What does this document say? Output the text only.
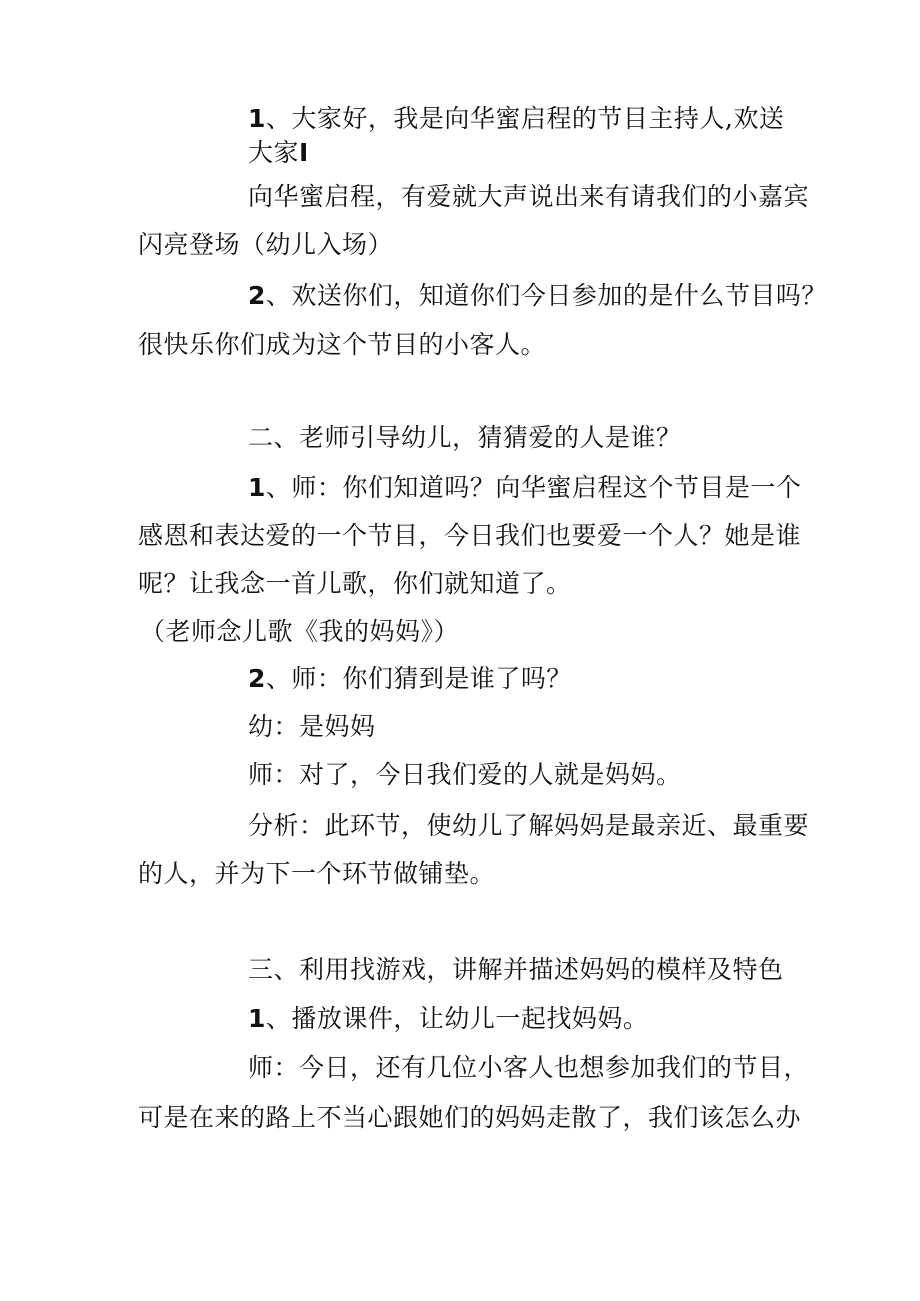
1、大家好，我是向华蜜启程的节目主持人,欢送
大家I
向华蜜启程，有爱就大声说出来有请我们的小嘉宾
闪亮登场（幼儿入场）
2、欢送你们，知道你们今日参加的是什么节目吗？
很快乐你们成为这个节目的小客人。
二、老师引导幼儿，猜猜爱的人是谁？
1、师：你们知道吗？向华蜜启程这个节目是一个
感恩和表达爱的一个节目，今日我们也要爱一个人？她是谁
呢？让我念一首儿歌，你们就知道了。
（老师念儿歌《我的妈妈》）
2、师：你们猜到是谁了吗？
幼：是妈妈
师：对了，今日我们爱的人就是妈妈。
分析：此环节，使幼儿了解妈妈是最亲近、最重要
的人，并为下一个环节做铺垫。
三、利用找游戏，讲解并描述妈妈的模样及特色
1、播放课件，让幼儿一起找妈妈。
师：今日，还有几位小客人也想参加我们的节目，
可是在来的路上不当心跟她们的妈妈走散了，我们该怎么办
